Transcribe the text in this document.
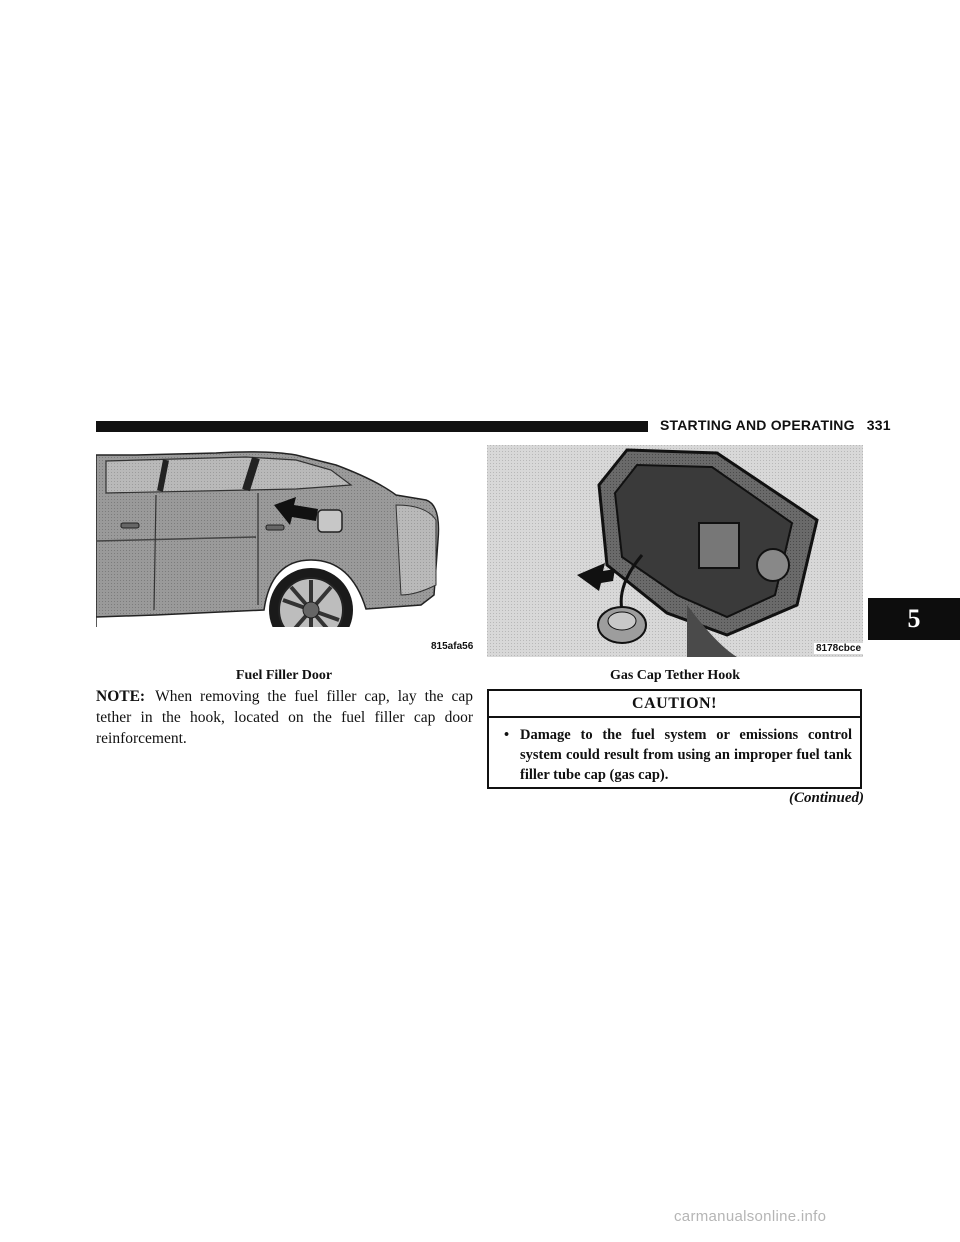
STARTING AND OPERATING 331
815afa56
Fuel Filler Door
8178cbce
Gas Cap Tether Hook
NOTE: When removing the fuel filler cap, lay the cap tether in the hook, located on the fuel filler cap door reinforcement.
CAUTION!
• Damage to the fuel system or emissions control system could result from using an improper fuel tank filler tube cap (gas cap).
(Continued)
5
carmanualsonline.info
